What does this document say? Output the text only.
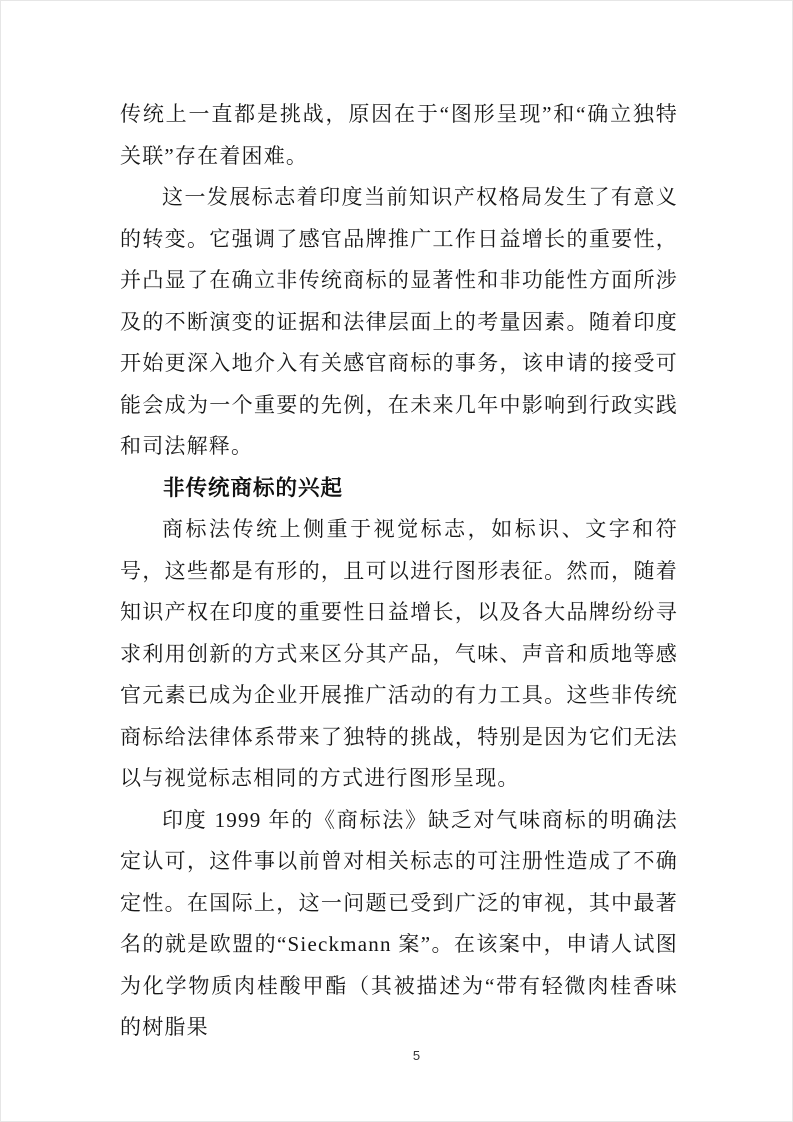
传统上一直都是挑战，原因在于“图形呈现”和“确立独特关联”存在着困难。

这一发展标志着印度当前知识产权格局发生了有意义的转变。它强调了感官品牌推广工作日益增长的重要性，并凸显了在确立非传统商标的显著性和非功能性方面所涉及的不断演变的证据和法律层面上的考量因素。随着印度开始更深入地介入有关感官商标的事务，该申请的接受可能会成为一个重要的先例，在未来几年中影响到行政实践和司法解释。

非传统商标的兴起

商标法传统上侧重于视觉标志，如标识、文字和符号，这些都是有形的，且可以进行图形表征。然而，随着知识产权在印度的重要性日益增长，以及各大品牌纷纷寻求利用创新的方式来区分其产品，气味、声音和质地等感官元素已成为企业开展推广活动的有力工具。这些非传统商标给法律体系带来了独特的挑战，特别是因为它们无法以与视觉标志相同的方式进行图形呈现。

印度 1999 年的《商标法》缺乏对气味商标的明确法定认可，这件事以前曾对相关标志的可注册性造成了不确定性。在国际上，这一问题已受到广泛的审视，其中最著名的就是欧盟的“Sieckmann 案”。在该案中，申请人试图为化学物质肉桂酸甲酯（其被描述为“带有轻微肉桂香味的树脂果

5
